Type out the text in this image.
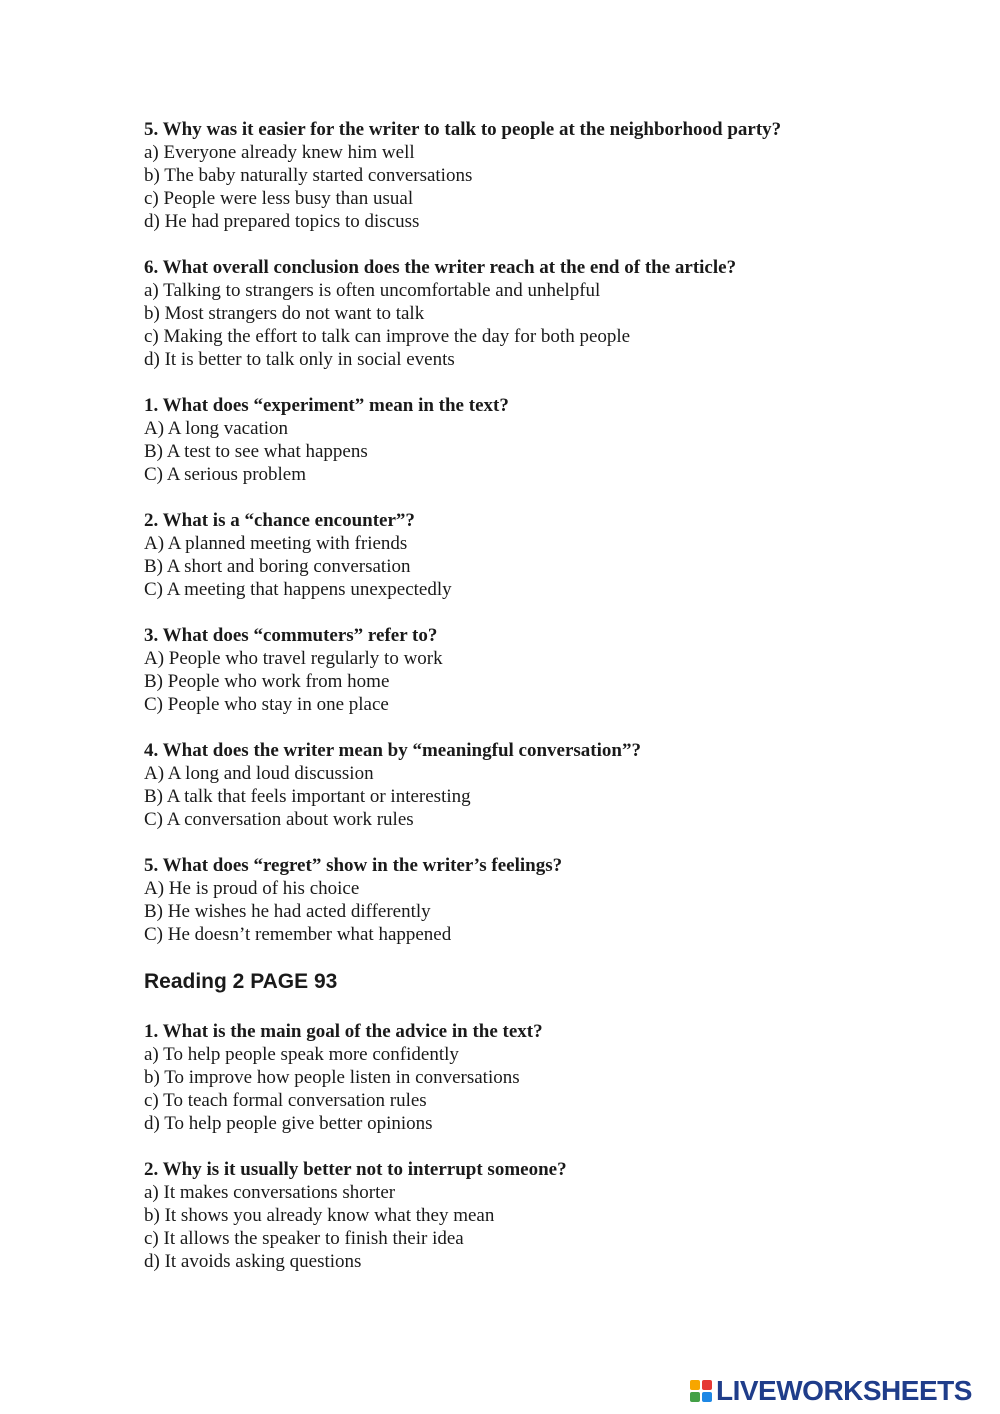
5. Why was it easier for the writer to talk to people at the neighborhood party?
a) Everyone already knew him well
b) The baby naturally started conversations
c) People were less busy than usual
d) He had prepared topics to discuss
6. What overall conclusion does the writer reach at the end of the article?
a) Talking to strangers is often uncomfortable and unhelpful
b) Most strangers do not want to talk
c) Making the effort to talk can improve the day for both people
d) It is better to talk only in social events
1. What does “experiment” mean in the text?
A) A long vacation
B) A test to see what happens
C) A serious problem
2. What is a “chance encounter”?
A) A planned meeting with friends
B) A short and boring conversation
C) A meeting that happens unexpectedly
3. What does “commuters” refer to?
A) People who travel regularly to work
B) People who work from home
C) People who stay in one place
4. What does the writer mean by “meaningful conversation”?
A) A long and loud discussion
B) A talk that feels important or interesting
C) A conversation about work rules
5. What does “regret” show in the writer’s feelings?
A) He is proud of his choice
B) He wishes he had acted differently
C) He doesn’t remember what happened
Reading 2 PAGE 93
1. What is the main goal of the advice in the text?
a) To help people speak more confidently
b) To improve how people listen in conversations
c) To teach formal conversation rules
d) To help people give better opinions
2. Why is it usually better not to interrupt someone?
a) It makes conversations shorter
b) It shows you already know what they mean
c) It allows the speaker to finish their idea
d) It avoids asking questions
LIVEWORKSHEETS
